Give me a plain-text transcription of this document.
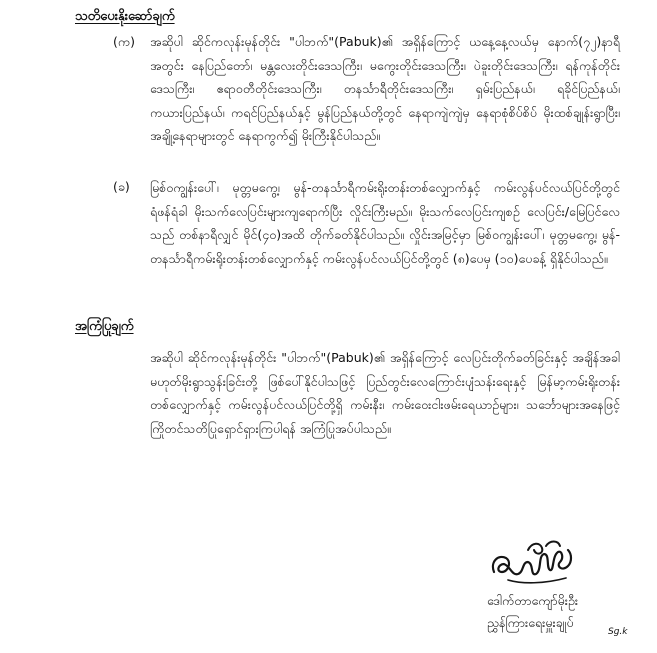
သတိပေးနိုးဆော်ချက်
(က) အဆိုပါ ဆိုင်ကလုန်းမုန်တိုင်း "ပါဘက်"(Pabuk)၏ အရှိန်ကြောင့် ယနေ့နေ့လယ်မှ နောက်(၇၂)နာရီအတွင်း နေပြည်တော်၊ မန္တလေးတိုင်းဒေသကြီး၊ မကွေးတိုင်းဒေသကြီး၊ ပဲခူးတိုင်းဒေသကြီး၊ ရန်ကုန်တိုင်းဒေသကြီး၊ ဧရာဝတီတိုင်းဒေသကြီး၊ တနင်္သာရီတိုင်းဒေသကြီး၊ ရှမ်းပြည်နယ်၊ ရခိုင်ပြည်နယ်၊ ကယားပြည်နယ်၊ ကရင်ပြည်နယ်နှင့် မွန်ပြည်နယ်တို့တွင် နေရာကျဲကျဲမှ နေရာစုံစိပ်စိပ် မိုးထစ်ချုန်းရွာပြီး၊ အချို့နေရာများတွင် နေရာကွက်၍ မိုးကြီးနိုင်ပါသည်။

(ခ) မြစ်ဝကျွန်းပေါ်၊ မုတ္တမကွေ့၊ မွန်-တနင်္သာရီကမ်းရိုးတန်းတစ်လျှောက်နှင့် ကမ်းလွန်ပင်လယ်ပြင်တို့တွင် ရံဖန်ရံခါ မိုးသက်လေပြင်းများကျရောက်ပြီး လှိုင်းကြီးမည်။ မိုးသက်လေပြင်းကျစဉ် လေပြင်း/မြေပြင်လေသည် တစ်နာရီလျှင် မိုင်(၄၀)အထိ တိုက်ခတ်နိုင်ပါသည်။ လှိုင်းအမြင့်မှာ မြစ်ဝကျွန်းပေါ်၊ မုတ္တမကွေ့၊ မွန်-တနင်္သာရီကမ်းရိုးတန်းတစ်လျှောက်နှင့် ကမ်းလွန်ပင်လယ်ပြင်တို့တွင် (၈)ပေမှ (၁၀)ပေခန့် ရှိနိုင်ပါသည်။

အကြံပြုချက်

အဆိုပါ ဆိုင်ကလုန်းမုန်တိုင်း "ပါဘက်"(Pabuk)၏ အရှိန်ကြောင့် လေပြင်းတိုက်ခတ်ခြင်းနှင့် အချိန်အခါမဟုတ်မိုးရွာသွန်းခြင်းတို့ ဖြစ်ပေါ်နိုင်ပါသဖြင့် ပြည်တွင်းလေကြောင်းပျံသန်းရေးနှင့် မြန်မာ့ကမ်းရိုးတန်းတစ်လျှောက်နှင့် ကမ်းလွန်ပင်လယ်ပြင်တို့ရှိ ကမ်းနီး၊ ကမ်းဝေးငါးဖမ်းရေယာဉ်များ၊ သင်္ဘောများအနေဖြင့် ကြိုတင်သတိပြုရှောင်ရှားကြပါရန် အကြံပြုအပ်ပါသည်။

ဒေါက်တာကျော်မိုးဦး
ညွှန်ကြားရေးမှူးချုပ်
Sg.k
